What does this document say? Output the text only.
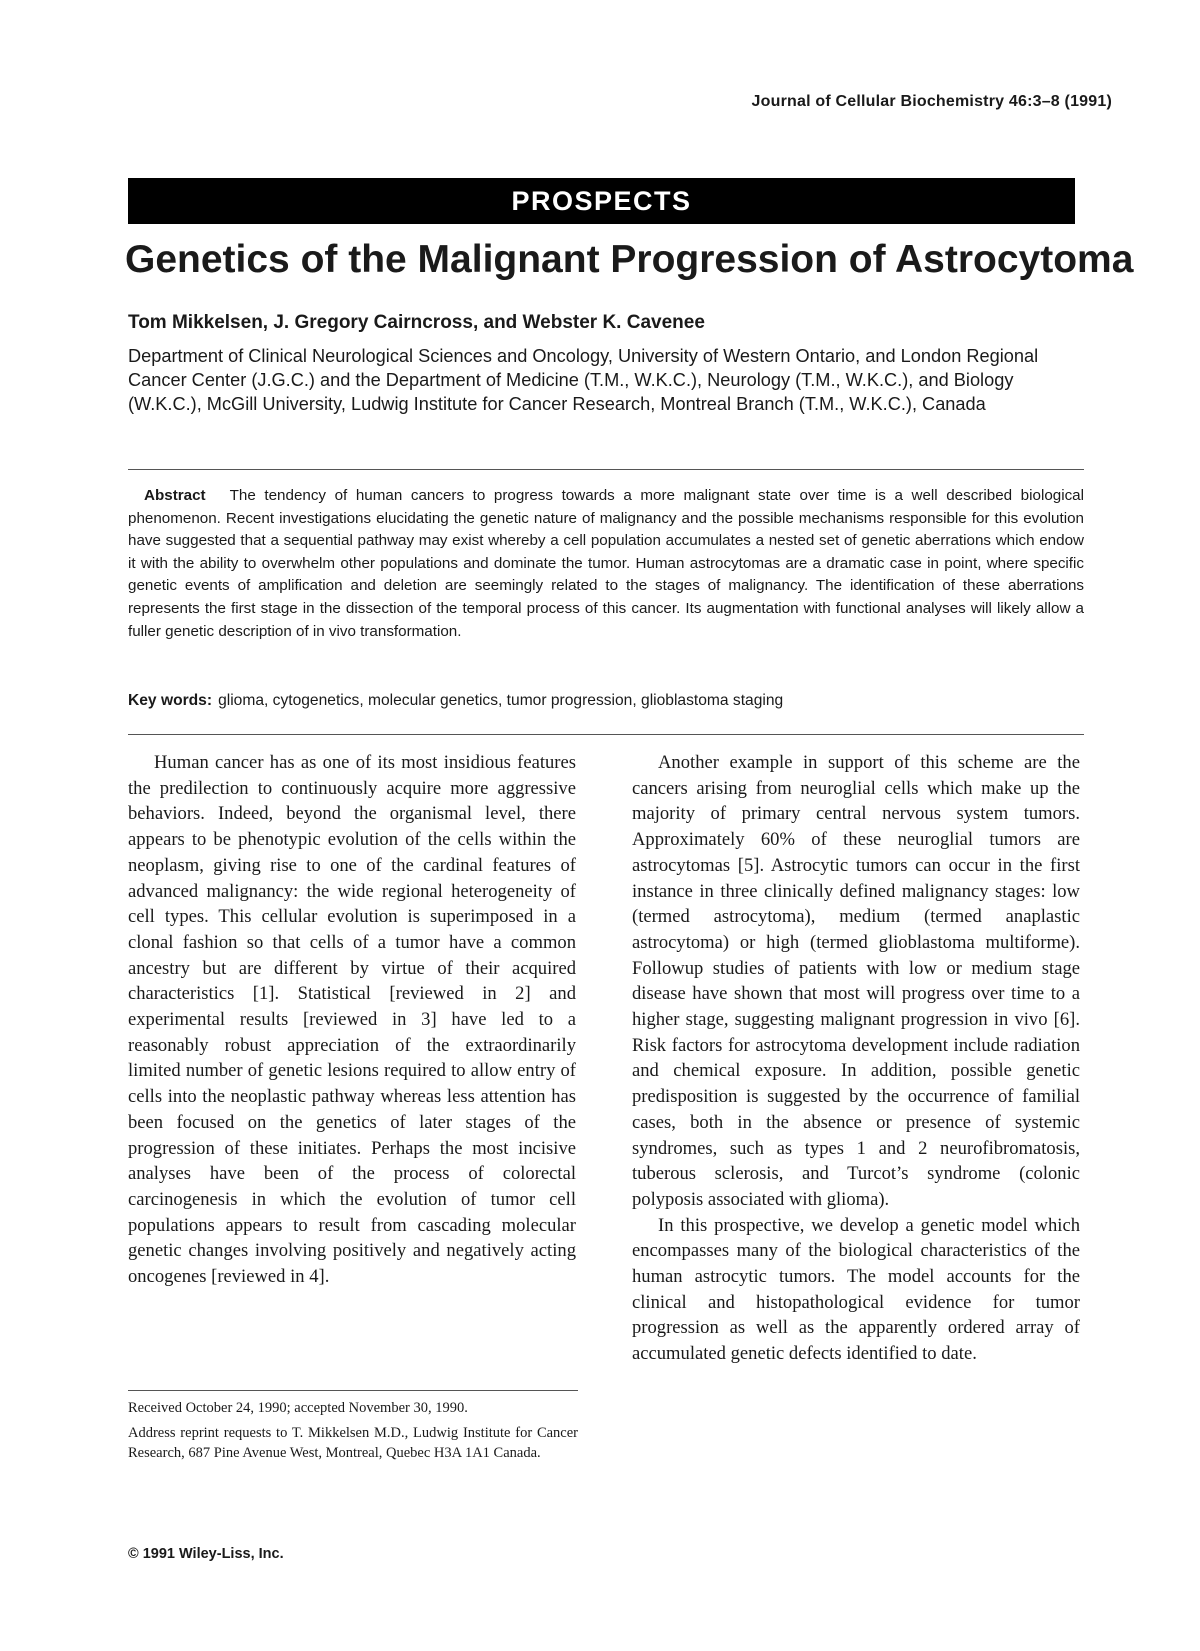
Journal of Cellular Biochemistry 46:3–8 (1991)
PROSPECTS
Genetics of the Malignant Progression of Astrocytoma
Tom Mikkelsen, J. Gregory Cairncross, and Webster K. Cavenee
Department of Clinical Neurological Sciences and Oncology, University of Western Ontario, and London Regional Cancer Center (J.G.C.) and the Department of Medicine (T.M., W.K.C.), Neurology (T.M., W.K.C.), and Biology (W.K.C.), McGill University, Ludwig Institute for Cancer Research, Montreal Branch (T.M., W.K.C.), Canada
Abstract The tendency of human cancers to progress towards a more malignant state over time is a well described biological phenomenon. Recent investigations elucidating the genetic nature of malignancy and the possible mechanisms responsible for this evolution have suggested that a sequential pathway may exist whereby a cell population accumulates a nested set of genetic aberrations which endow it with the ability to overwhelm other populations and dominate the tumor. Human astrocytomas are a dramatic case in point, where specific genetic events of amplification and deletion are seemingly related to the stages of malignancy. The identification of these aberrations represents the first stage in the dissection of the temporal process of this cancer. Its augmentation with functional analyses will likely allow a fuller genetic description of in vivo transformation.
Key words: glioma, cytogenetics, molecular genetics, tumor progression, glioblastoma staging

Human cancer has as one of its most insidious features the predilection to continuously acquire more aggressive behaviors. Indeed, beyond the organismal level, there appears to be phenotypic evolution of the cells within the neoplasm, giving rise to one of the cardinal features of advanced malignancy: the wide regional heterogeneity of cell types. This cellular evolution is superimposed in a clonal fashion so that cells of a tumor have a common ancestry but are different by virtue of their acquired characteristics [1]. Statistical [reviewed in 2] and experimental results [reviewed in 3] have led to a reasonably robust appreciation of the extraordinarily limited number of genetic lesions required to allow entry of cells into the neoplastic pathway whereas less attention has been focused on the genetics of later stages of the progression of these initiates. Perhaps the most incisive analyses have been of the process of colorectal carcinogenesis in which the evolution of tumor cell populations appears to result from cascading molecular genetic changes involving positively and negatively acting oncogenes [reviewed in 4].

Another example in support of this scheme are the cancers arising from neuroglial cells which make up the majority of primary central nervous system tumors. Approximately 60% of these neuroglial tumors are astrocytomas [5]. Astrocytic tumors can occur in the first instance in three clinically defined malignancy stages: low (termed astrocytoma), medium (termed anaplastic astrocytoma) or high (termed glioblastoma multiforme). Followup studies of patients with low or medium stage disease have shown that most will progress over time to a higher stage, suggesting malignant progression in vivo [6]. Risk factors for astrocytoma development include radiation and chemical exposure. In addition, possible genetic predisposition is suggested by the occurrence of familial cases, both in the absence or presence of systemic syndromes, such as types 1 and 2 neurofibromatosis, tuberous sclerosis, and Turcot’s syndrome (colonic polyposis associated with glioma).

In this prospective, we develop a genetic model which encompasses many of the biological characteristics of the human astrocytic tumors. The model accounts for the clinical and histopathological evidence for tumor progression as well as the apparently ordered array of accumulated genetic defects identified to date.

Received October 24, 1990; accepted November 30, 1990.

Address reprint requests to T. Mikkelsen M.D., Ludwig Institute for Cancer Research, 687 Pine Avenue West, Montreal, Quebec H3A 1A1 Canada.

© 1991 Wiley-Liss, Inc.
